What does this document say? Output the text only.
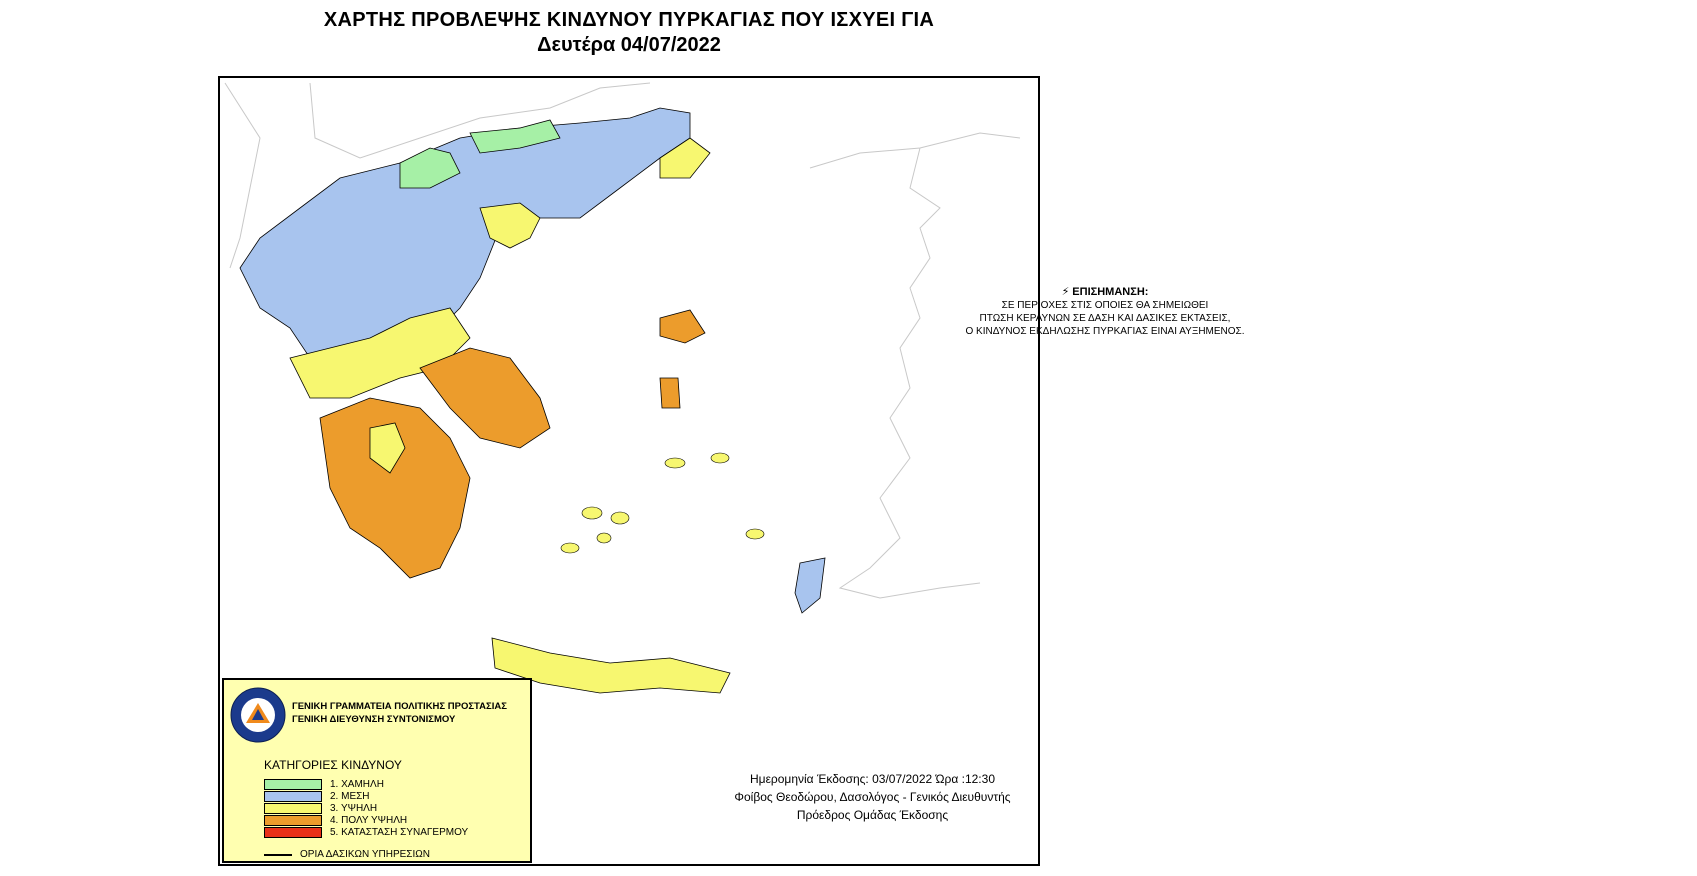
ΧΑΡΤΗΣ ΠΡΟΒΛΕΨΗΣ ΚΙΝΔΥΝΟΥ ΠΥΡΚΑΓΙΑΣ ΠΟΥ ΙΣΧΥΕΙ ΓΙΑ
Δευτέρα 04/07/2022
⚡ ΕΠΙΣΗΜΑΝΣΗ:
ΣΕ ΠΕΡΙΟΧΕΣ ΣΤΙΣ ΟΠΟΙΕΣ ΘΑ ΣΗΜΕΙΩΘΕΙ
ΠΤΩΣΗ ΚΕΡΑΥΝΩΝ ΣΕ ΔΑΣΗ ΚΑΙ ΔΑΣΙΚΕΣ ΕΚΤΑΣΕΙΣ,
Ο ΚΙΝΔΥΝΟΣ ΕΚΔΗΛΩΣΗΣ ΠΥΡΚΑΓΙΑΣ ΕΙΝΑΙ ΑΥΞΗΜΕΝΟΣ.
ΓΕΝΙΚΗ ΓΡΑΜΜΑΤΕΙΑ ΠΟΛΙΤΙΚΗΣ ΠΡΟΣΤΑΣΙΑΣ
ΓΕΝΙΚΗ ΔΙΕΥΘΥΝΣΗ ΣΥΝΤΟΝΙΣΜΟΥ
ΚΑΤΗΓΟΡΙΕΣ ΚΙΝΔΥΝΟΥ
1. ΧΑΜΗΛΗ
2. ΜΕΣΗ
3. ΥΨΗΛΗ
4. ΠΟΛΥ ΥΨΗΛΗ
5. ΚΑΤΑΣΤΑΣΗ ΣΥΝΑΓΕΡΜΟΥ
ΟΡΙΑ ΔΑΣΙΚΩΝ ΥΠΗΡΕΣΙΩΝ
Ημερομηνία Έκδοσης: 03/07/2022 Ώρα :12:30
Φοίβος Θεοδώρου, Δασολόγος - Γενικός Διευθυντής
Πρόεδρος Ομάδας Έκδοσης
